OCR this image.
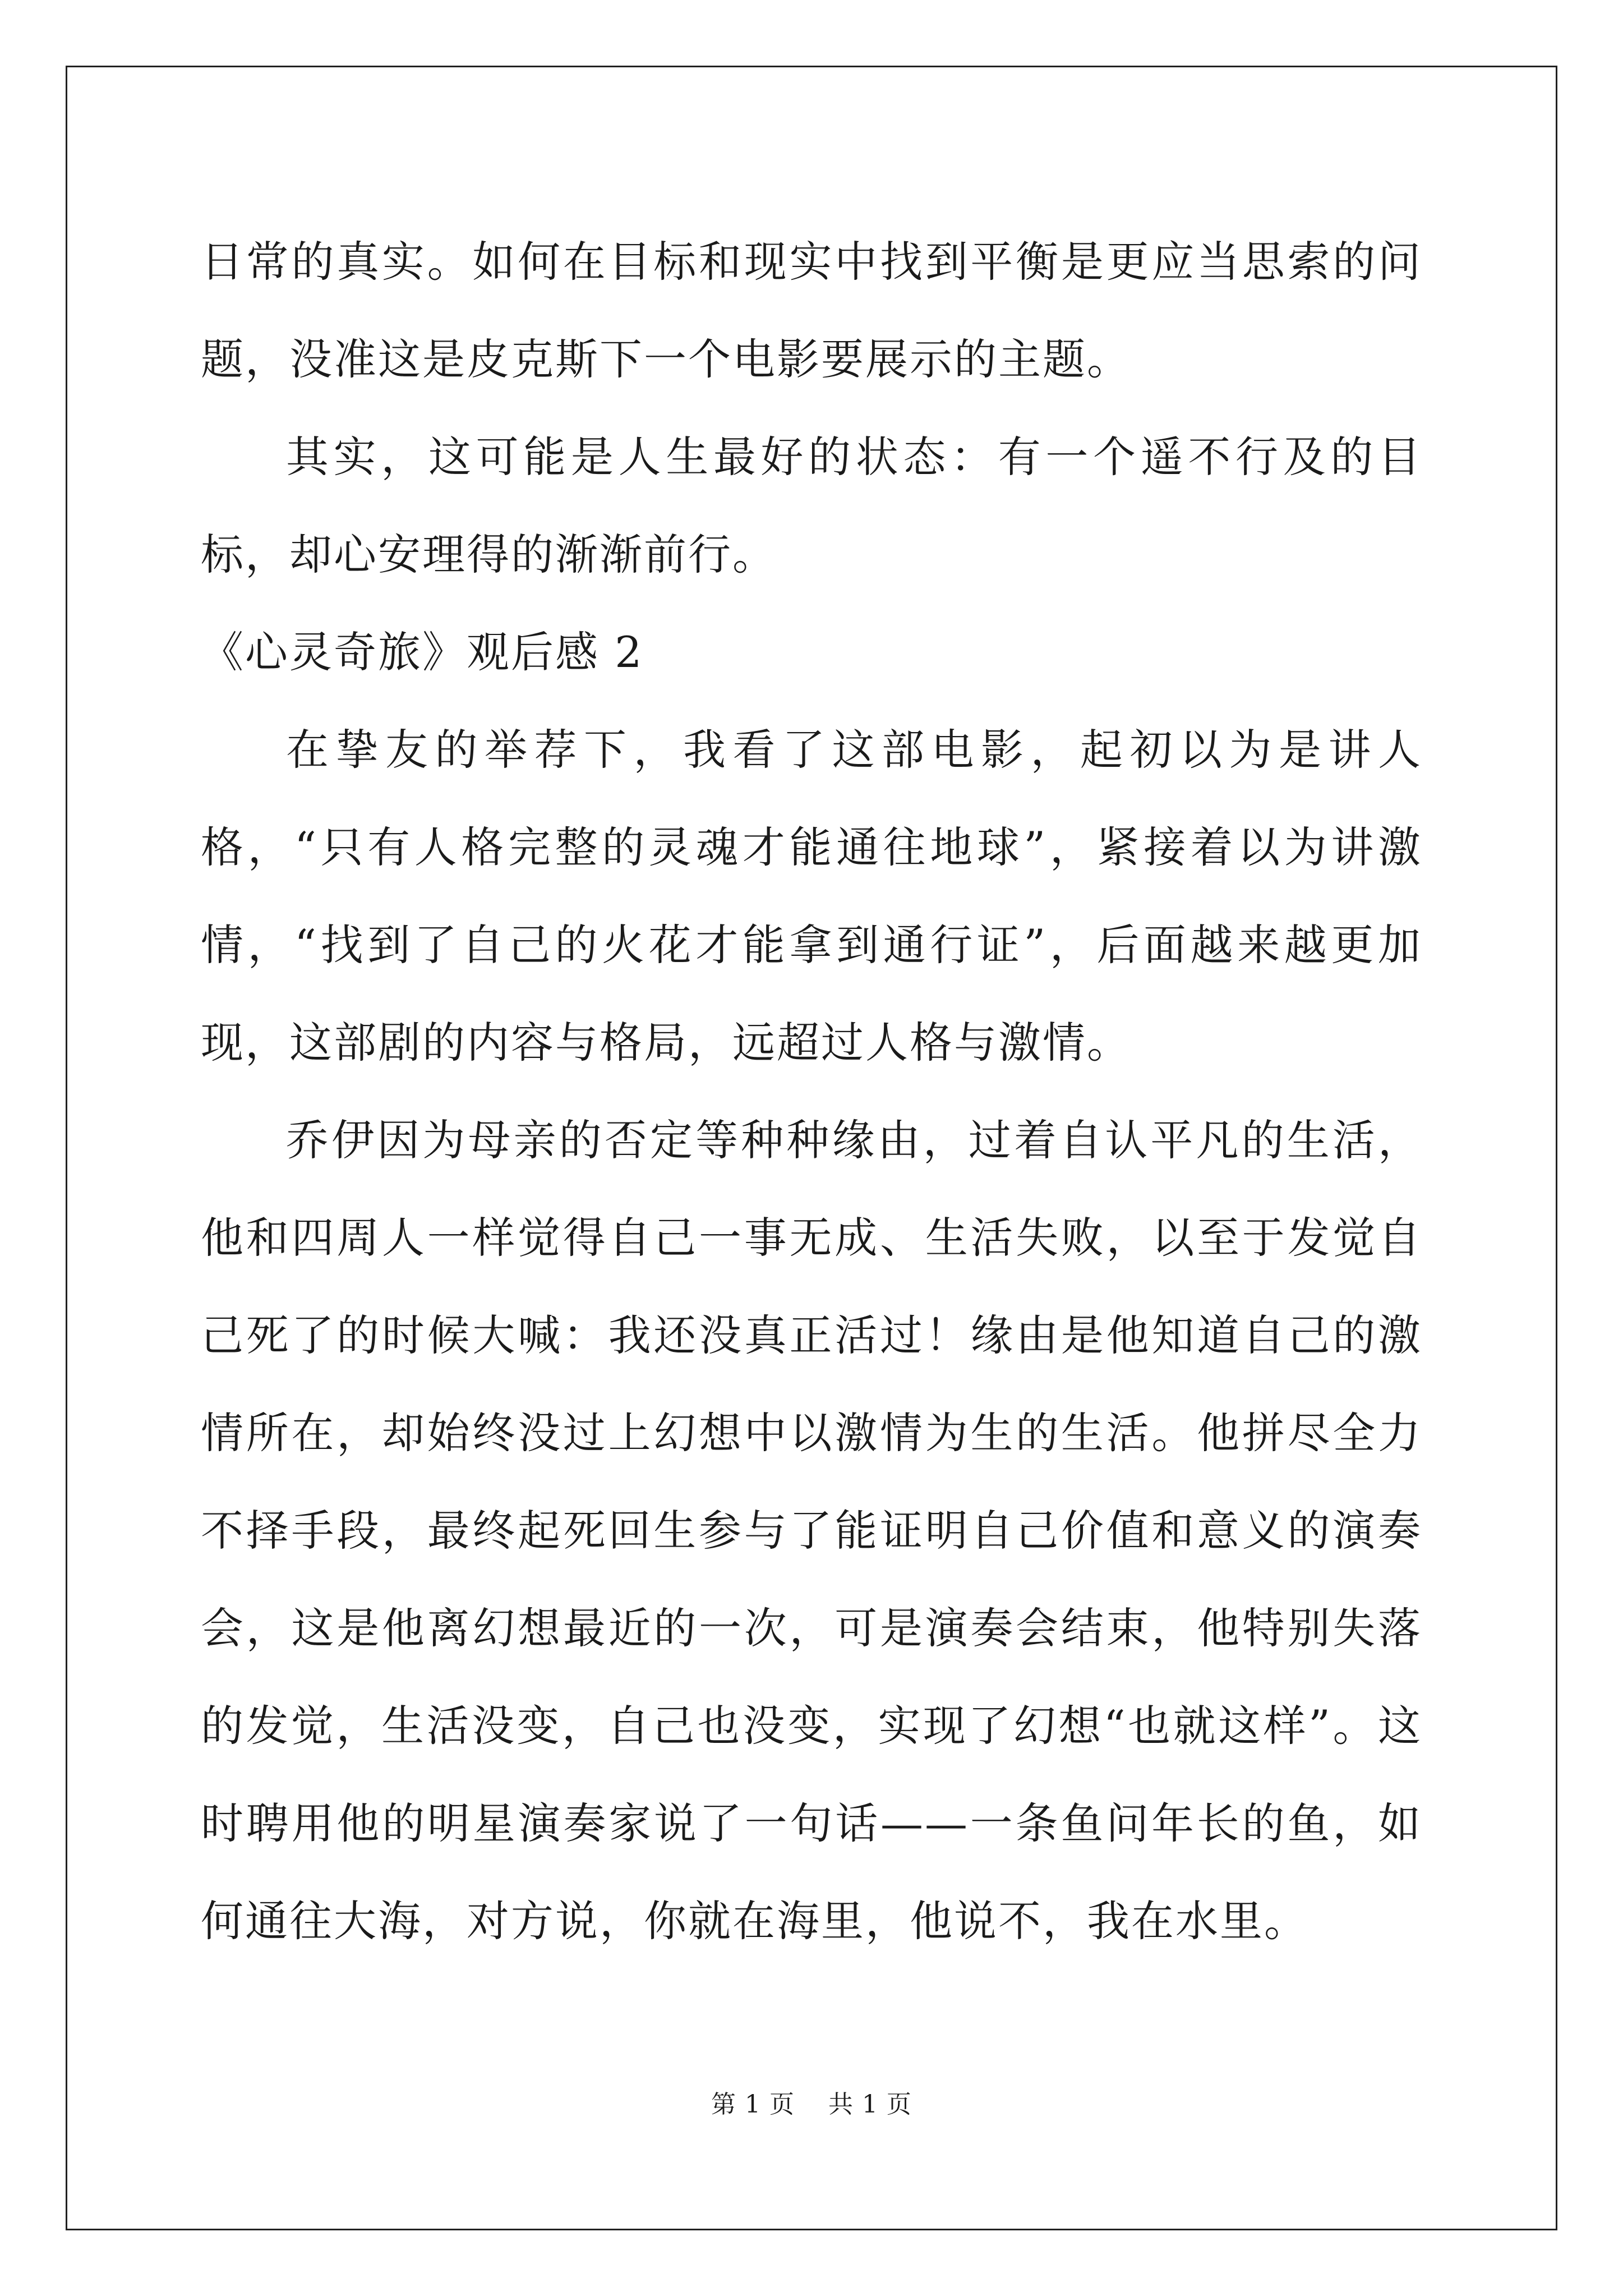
日常的真实。如何在目标和现实中找到平衡是更应当思索的问题，没准这是皮克斯下一个电影要展示的主题。

其实，这可能是人生最好的状态：有一个遥不行及的目标，却心安理得的渐渐前行。

《心灵奇旅》观后感 2

在挚友的举荐下，我看了这部电影，起初以为是讲人格，“只有人格完整的灵魂才能通往地球”，紧接着以为讲激情，“找到了自己的火花才能拿到通行证”，后面越来越更加现，这部剧的内容与格局，远超过人格与激情。

乔伊因为母亲的否定等种种缘由，过着自认平凡的生活，他和四周人一样觉得自己一事无成、生活失败，以至于发觉自己死了的时候大喊：我还没真正活过！缘由是他知道自己的激情所在，却始终没过上幻想中以激情为生的生活。他拼尽全力不择手段，最终起死回生参与了能证明自己价值和意义的演奏会，这是他离幻想最近的一次，可是演奏会结束，他特别失落的发觉，生活没变，自己也没变，实现了幻想“也就这样”。这时聘用他的明星演奏家说了一句话——一条鱼问年长的鱼，如何通往大海，对方说，你就在海里，他说不，我在水里。

第 1 页 共 1 页
